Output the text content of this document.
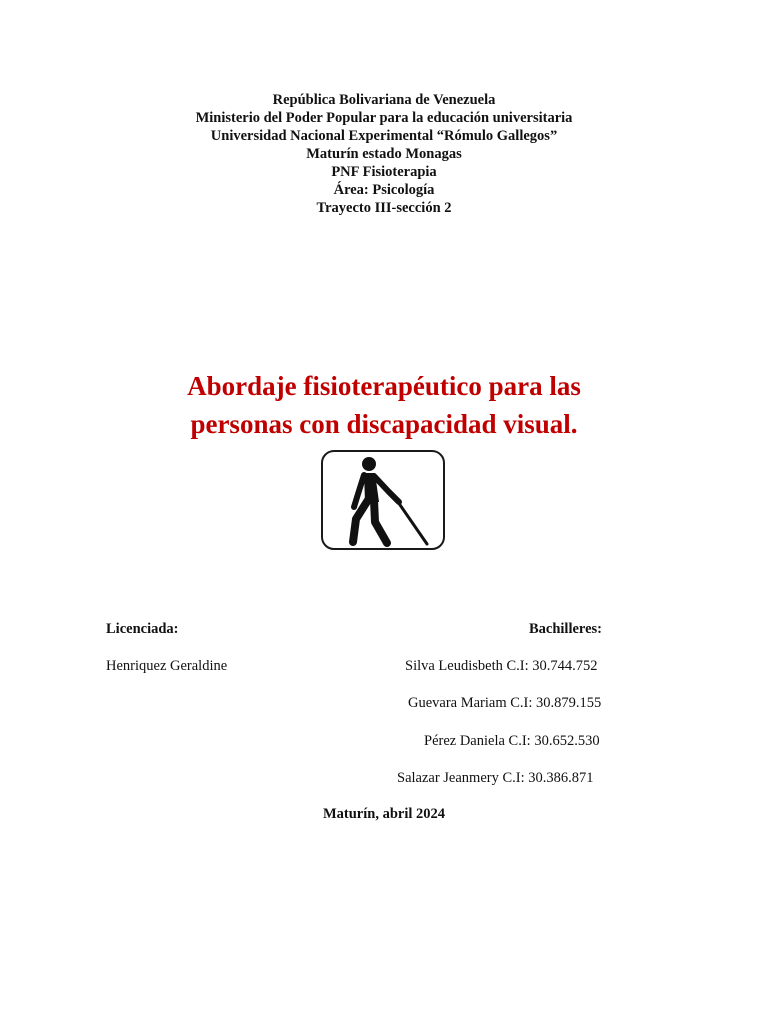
República Bolivariana de Venezuela
Ministerio del Poder Popular para la educación universitaria
Universidad Nacional Experimental “Rómulo Gallegos”
Maturín estado Monagas
PNF Fisioterapia
Área: Psicología
Trayecto III-sección 2
Abordaje fisioterapéutico para las
personas con discapacidad visual.
Licenciada:	Bachilleres:
Henriquez Geraldine	Silva Leudisbeth C.I: 30.744.752
Guevara Mariam C.I: 30.879.155
Pérez Daniela C.I: 30.652.530
Salazar Jeanmery C.I: 30.386.871
Maturín, abril 2024
